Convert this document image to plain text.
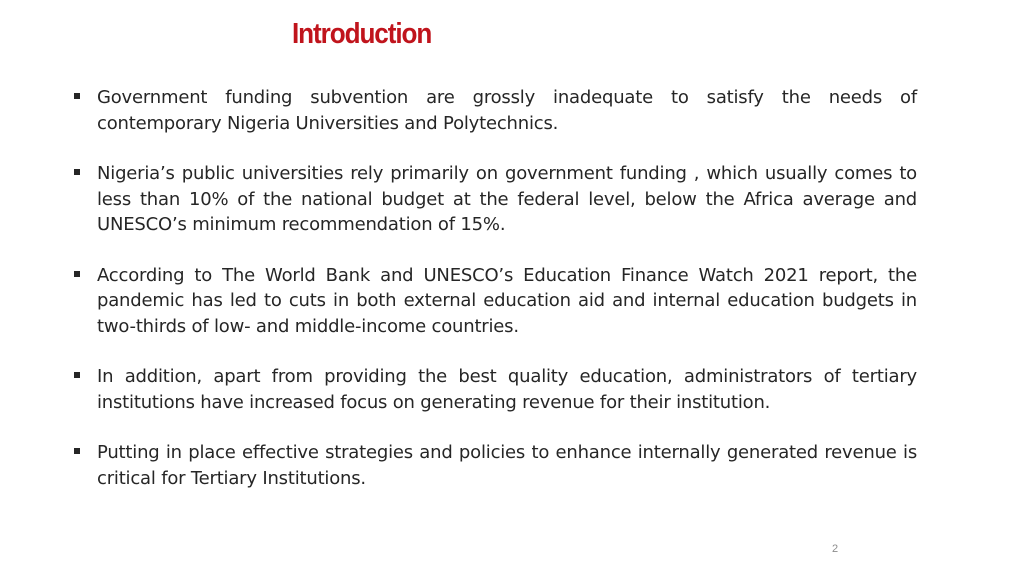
Introduction
Government funding subvention are grossly inadequate to satisfy the needs of contemporary Nigeria Universities and Polytechnics.
Nigeria’s public universities rely primarily on government funding , which usually comes to less than 10% of the national budget at the federal level, below the Africa average and UNESCO’s minimum recommendation of 15%.
According to The World Bank and UNESCO’s Education Finance Watch 2021 report, the pandemic has led to cuts in both external education aid and internal education budgets in two-thirds of low- and middle-income countries.
In addition, apart from providing the best quality education, administrators of tertiary institutions have increased focus on generating revenue for their institution.
Putting in place effective strategies and policies to enhance internally generated revenue is critical for Tertiary Institutions.
2
